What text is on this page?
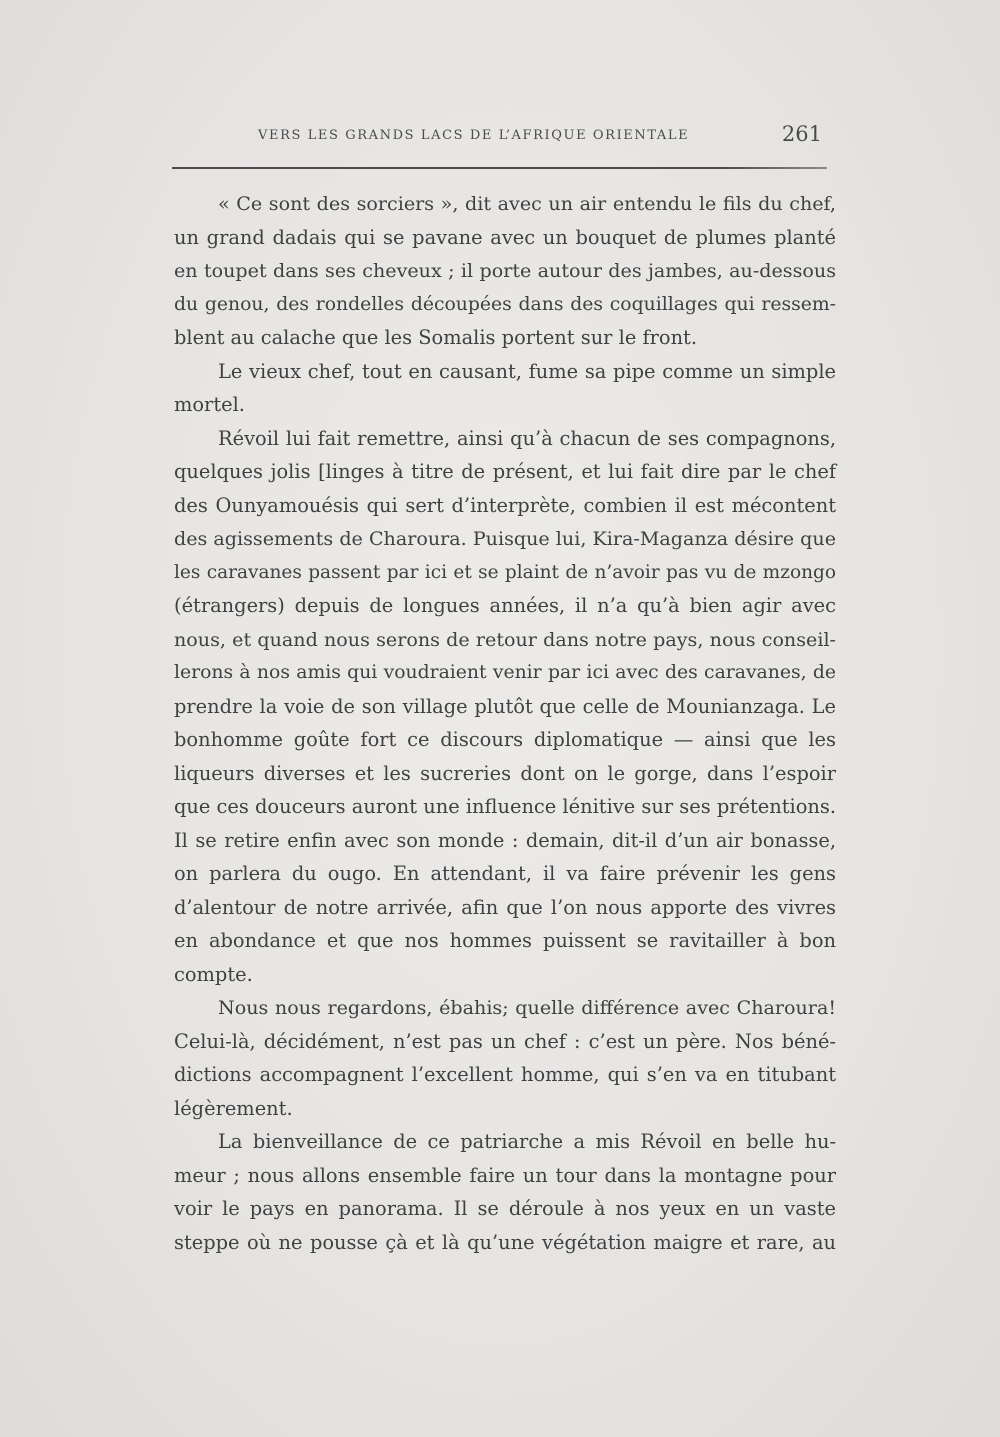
VERS LES GRANDS LACS DE L’AFRIQUE ORIENTALE	261
« Ce sont des sorciers », dit avec un air entendu le fils du chef,
un grand dadais qui se pavane avec un bouquet de plumes planté
en toupet dans ses cheveux ; il porte autour des jambes, au-dessous
du genou, des rondelles découpées dans des coquillages qui ressem-
blent au calache que les Somalis portent sur le front.
Le vieux chef, tout en causant, fume sa pipe comme un simple
mortel.
Révoil lui fait remettre, ainsi qu’à chacun de ses compagnons,
quelques jolis [linges à titre de présent, et lui fait dire par le chef
des Ounyamouésis qui sert d’interprète, combien il est mécontent
des agissements de Charoura. Puisque lui, Kira-Maganza désire que
les caravanes passent par ici et se plaint de n’avoir pas vu de mzongo
(étrangers) depuis de longues années, il n’a qu’à bien agir avec
nous, et quand nous serons de retour dans notre pays, nous conseil-
lerons à nos amis qui voudraient venir par ici avec des caravanes, de
prendre la voie de son village plutôt que celle de Mounianzaga. Le
bonhomme goûte fort ce discours diplomatique — ainsi que les
liqueurs diverses et les sucreries dont on le gorge, dans l’espoir
que ces douceurs auront une influence lénitive sur ses prétentions.
Il se retire enfin avec son monde : demain, dit-il d’un air bonasse,
on parlera du ougo. En attendant, il va faire prévenir les gens
d’alentour de notre arrivée, afin que l’on nous apporte des vivres
en abondance et que nos hommes puissent se ravitailler à bon
compte.
Nous nous regardons, ébahis; quelle différence avec Charoura!
Celui-là, décidément, n’est pas un chef : c’est un père. Nos béné-
dictions accompagnent l’excellent homme, qui s’en va en titubant
légèrement.
La bienveillance de ce patriarche a mis Révoil en belle hu-
meur ; nous allons ensemble faire un tour dans la montagne pour
voir le pays en panorama. Il se déroule à nos yeux en un vaste
steppe où ne pousse çà et là qu’une végétation maigre et rare, au
